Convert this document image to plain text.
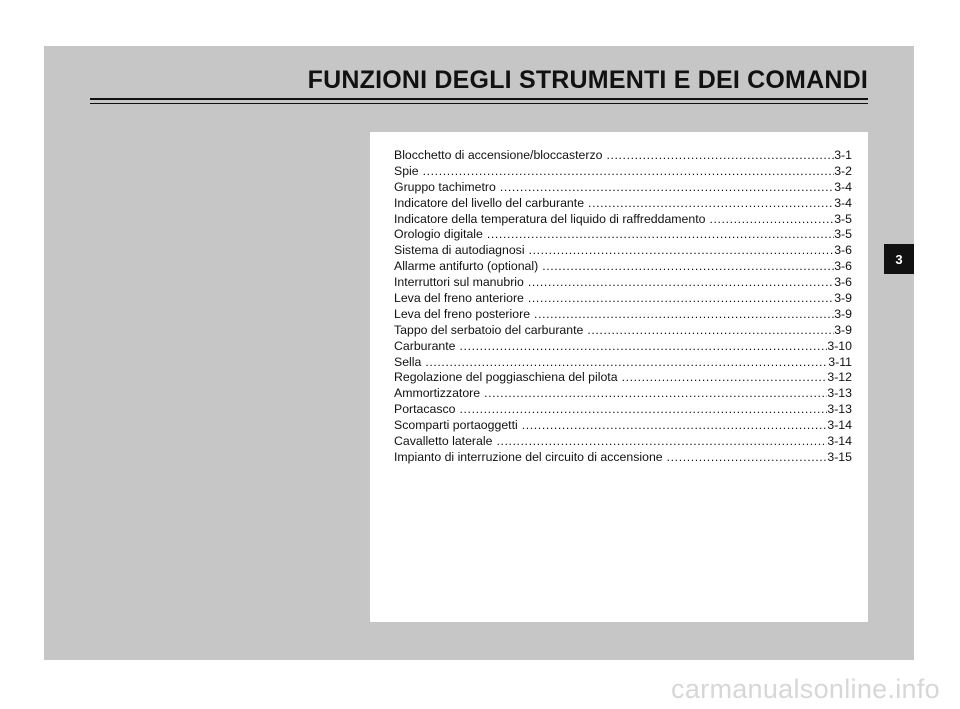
FUNZIONI DEGLI STRUMENTI E DEI COMANDI
Blocchetto di accensione/bloccasterzo .....	3-1
Spie .....	3-2
Gruppo tachimetro .....	3-4
Indicatore del livello del carburante .....	3-4
Indicatore della temperatura del liquido di raffreddamento .....	3-5
Orologio digitale .....	3-5
Sistema di autodiagnosi .....	3-6
Allarme antifurto (optional) .....	3-6
Interruttori sul manubrio .....	3-6
Leva del freno anteriore .....	3-9
Leva del freno posteriore .....	3-9
Tappo del serbatoio del carburante .....	3-9
Carburante .....	3-10
Sella .....	3-11
Regolazione del poggiaschiena del pilota .....	3-12
Ammortizzatore .....	3-13
Portacasco .....	3-13
Scomparti portaoggetti .....	3-14
Cavalletto laterale .....	3-14
Impianto di interruzione del circuito di accensione .....	3-15
3
carmanualsonline.info
